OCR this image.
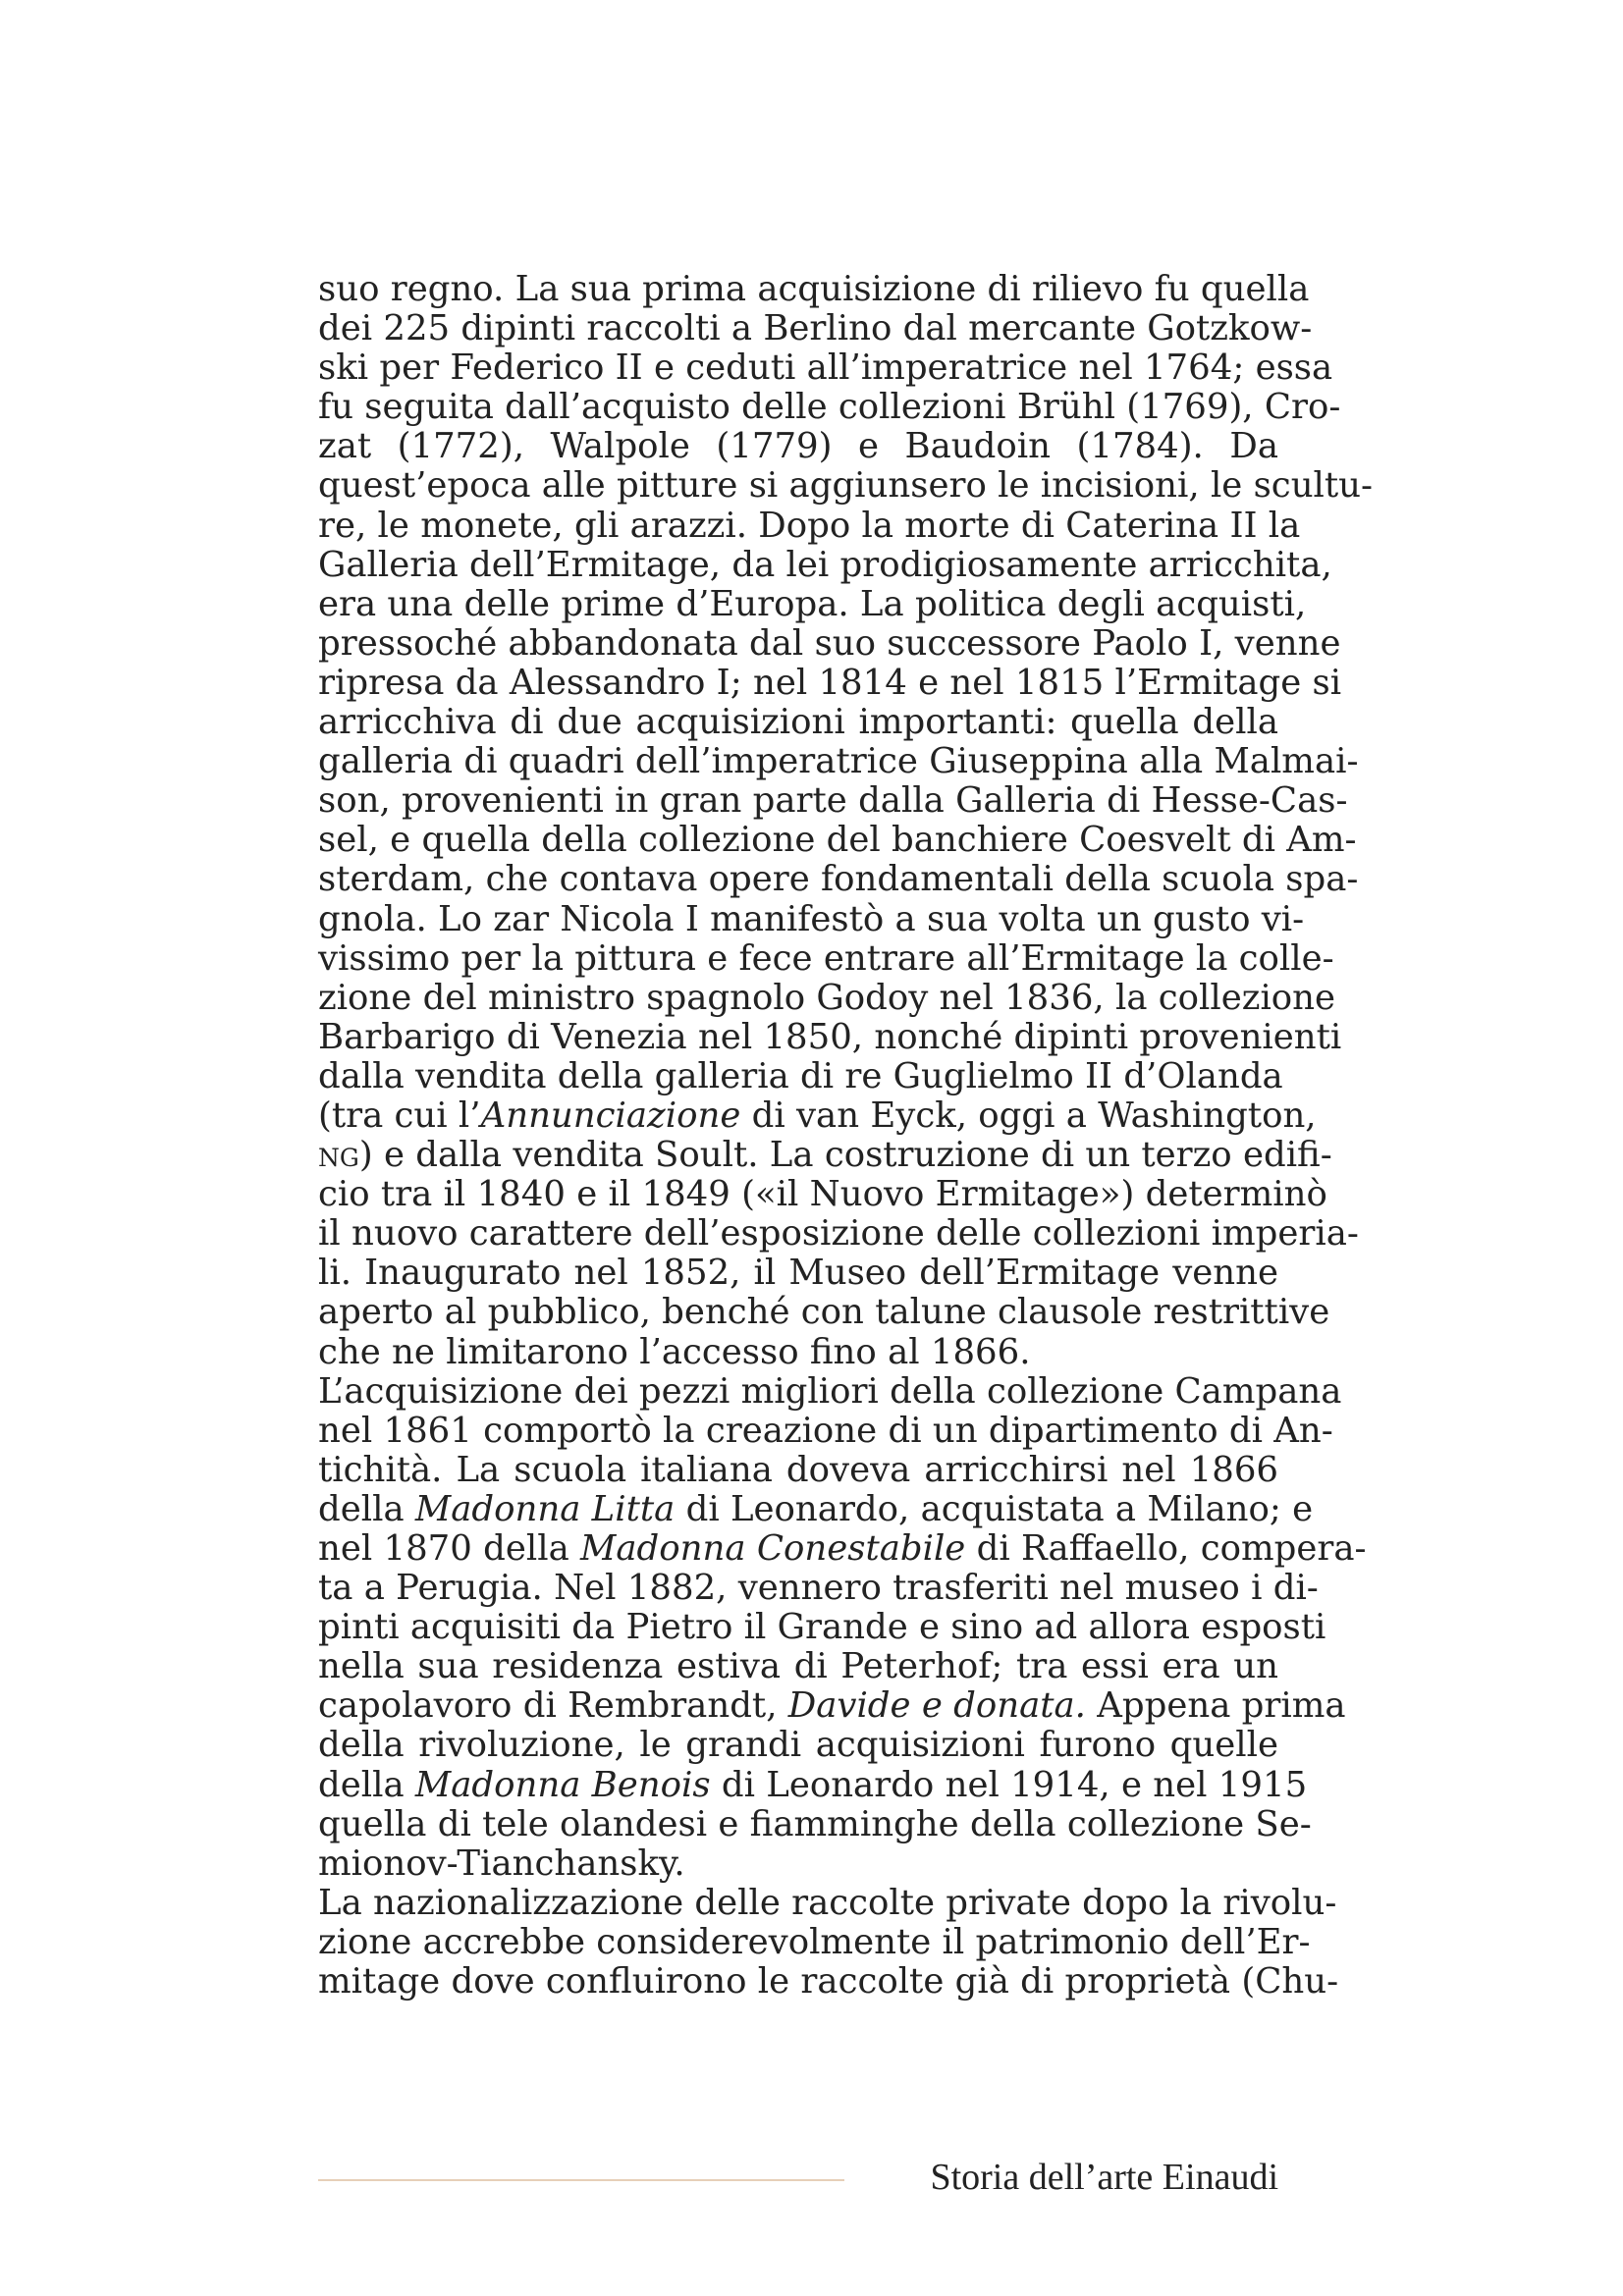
suo regno. La sua prima acquisizione di rilievo fu quella
dei 225 dipinti raccolti a Berlino dal mercante Gotzkow-
ski per Federico II e ceduti all’imperatrice nel 1764; essa
fu seguita dall’acquisto delle collezioni Brühl (1769), Cro-
zat (1772), Walpole (1779) e Baudoin (1784). Da
quest’epoca alle pitture si aggiunsero le incisioni, le scultu-
re, le monete, gli arazzi. Dopo la morte di Caterina II la
Galleria dell’Ermitage, da lei prodigiosamente arricchita,
era una delle prime d’Europa. La politica degli acquisti,
pressoché abbandonata dal suo successore Paolo I, venne
ripresa da Alessandro I; nel 1814 e nel 1815 l’Ermitage si
arricchiva di due acquisizioni importanti: quella della
galleria di quadri dell’imperatrice Giuseppina alla Malmai-
son, provenienti in gran parte dalla Galleria di Hesse-Cas-
sel, e quella della collezione del banchiere Coesvelt di Am-
sterdam, che contava opere fondamentali della scuola spa-
gnola. Lo zar Nicola I manifestò a sua volta un gusto vi-
vissimo per la pittura e fece entrare all’Ermitage la colle-
zione del ministro spagnolo Godoy nel 1836, la collezione
Barbarigo di Venezia nel 1850, nonché dipinti provenienti
dalla vendita della galleria di re Guglielmo II d’Olanda
(tra cui l’Annunciazione di van Eyck, oggi a Washington,
ng) e dalla vendita Soult. La costruzione di un terzo edifi-
cio tra il 1840 e il 1849 («il Nuovo Ermitage») determinò
il nuovo carattere dell’esposizione delle collezioni imperia-
li. Inaugurato nel 1852, il Museo dell’Ermitage venne
aperto al pubblico, benché con talune clausole restrittive
che ne limitarono l’accesso fino al 1866.
L’acquisizione dei pezzi migliori della collezione Campana
nel 1861 comportò la creazione di un dipartimento di An-
tichità. La scuola italiana doveva arricchirsi nel 1866
della Madonna Litta di Leonardo, acquistata a Milano; e
nel 1870 della Madonna Conestabile di Raffaello, compera-
ta a Perugia. Nel 1882, vennero trasferiti nel museo i di-
pinti acquisiti da Pietro il Grande e sino ad allora esposti
nella sua residenza estiva di Peterhof; tra essi era un
capolavoro di Rembrandt, Davide e donata. Appena prima
della rivoluzione, le grandi acquisizioni furono quelle
della Madonna Benois di Leonardo nel 1914, e nel 1915
quella di tele olandesi e fiamminghe della collezione Se-
mionov-Tianchansky.
La nazionalizzazione delle raccolte private dopo la rivolu-
zione accrebbe considerevolmente il patrimonio dell’Er-
mitage dove confluirono le raccolte già di proprietà (Chu-
Storia dell’arte Einaudi
